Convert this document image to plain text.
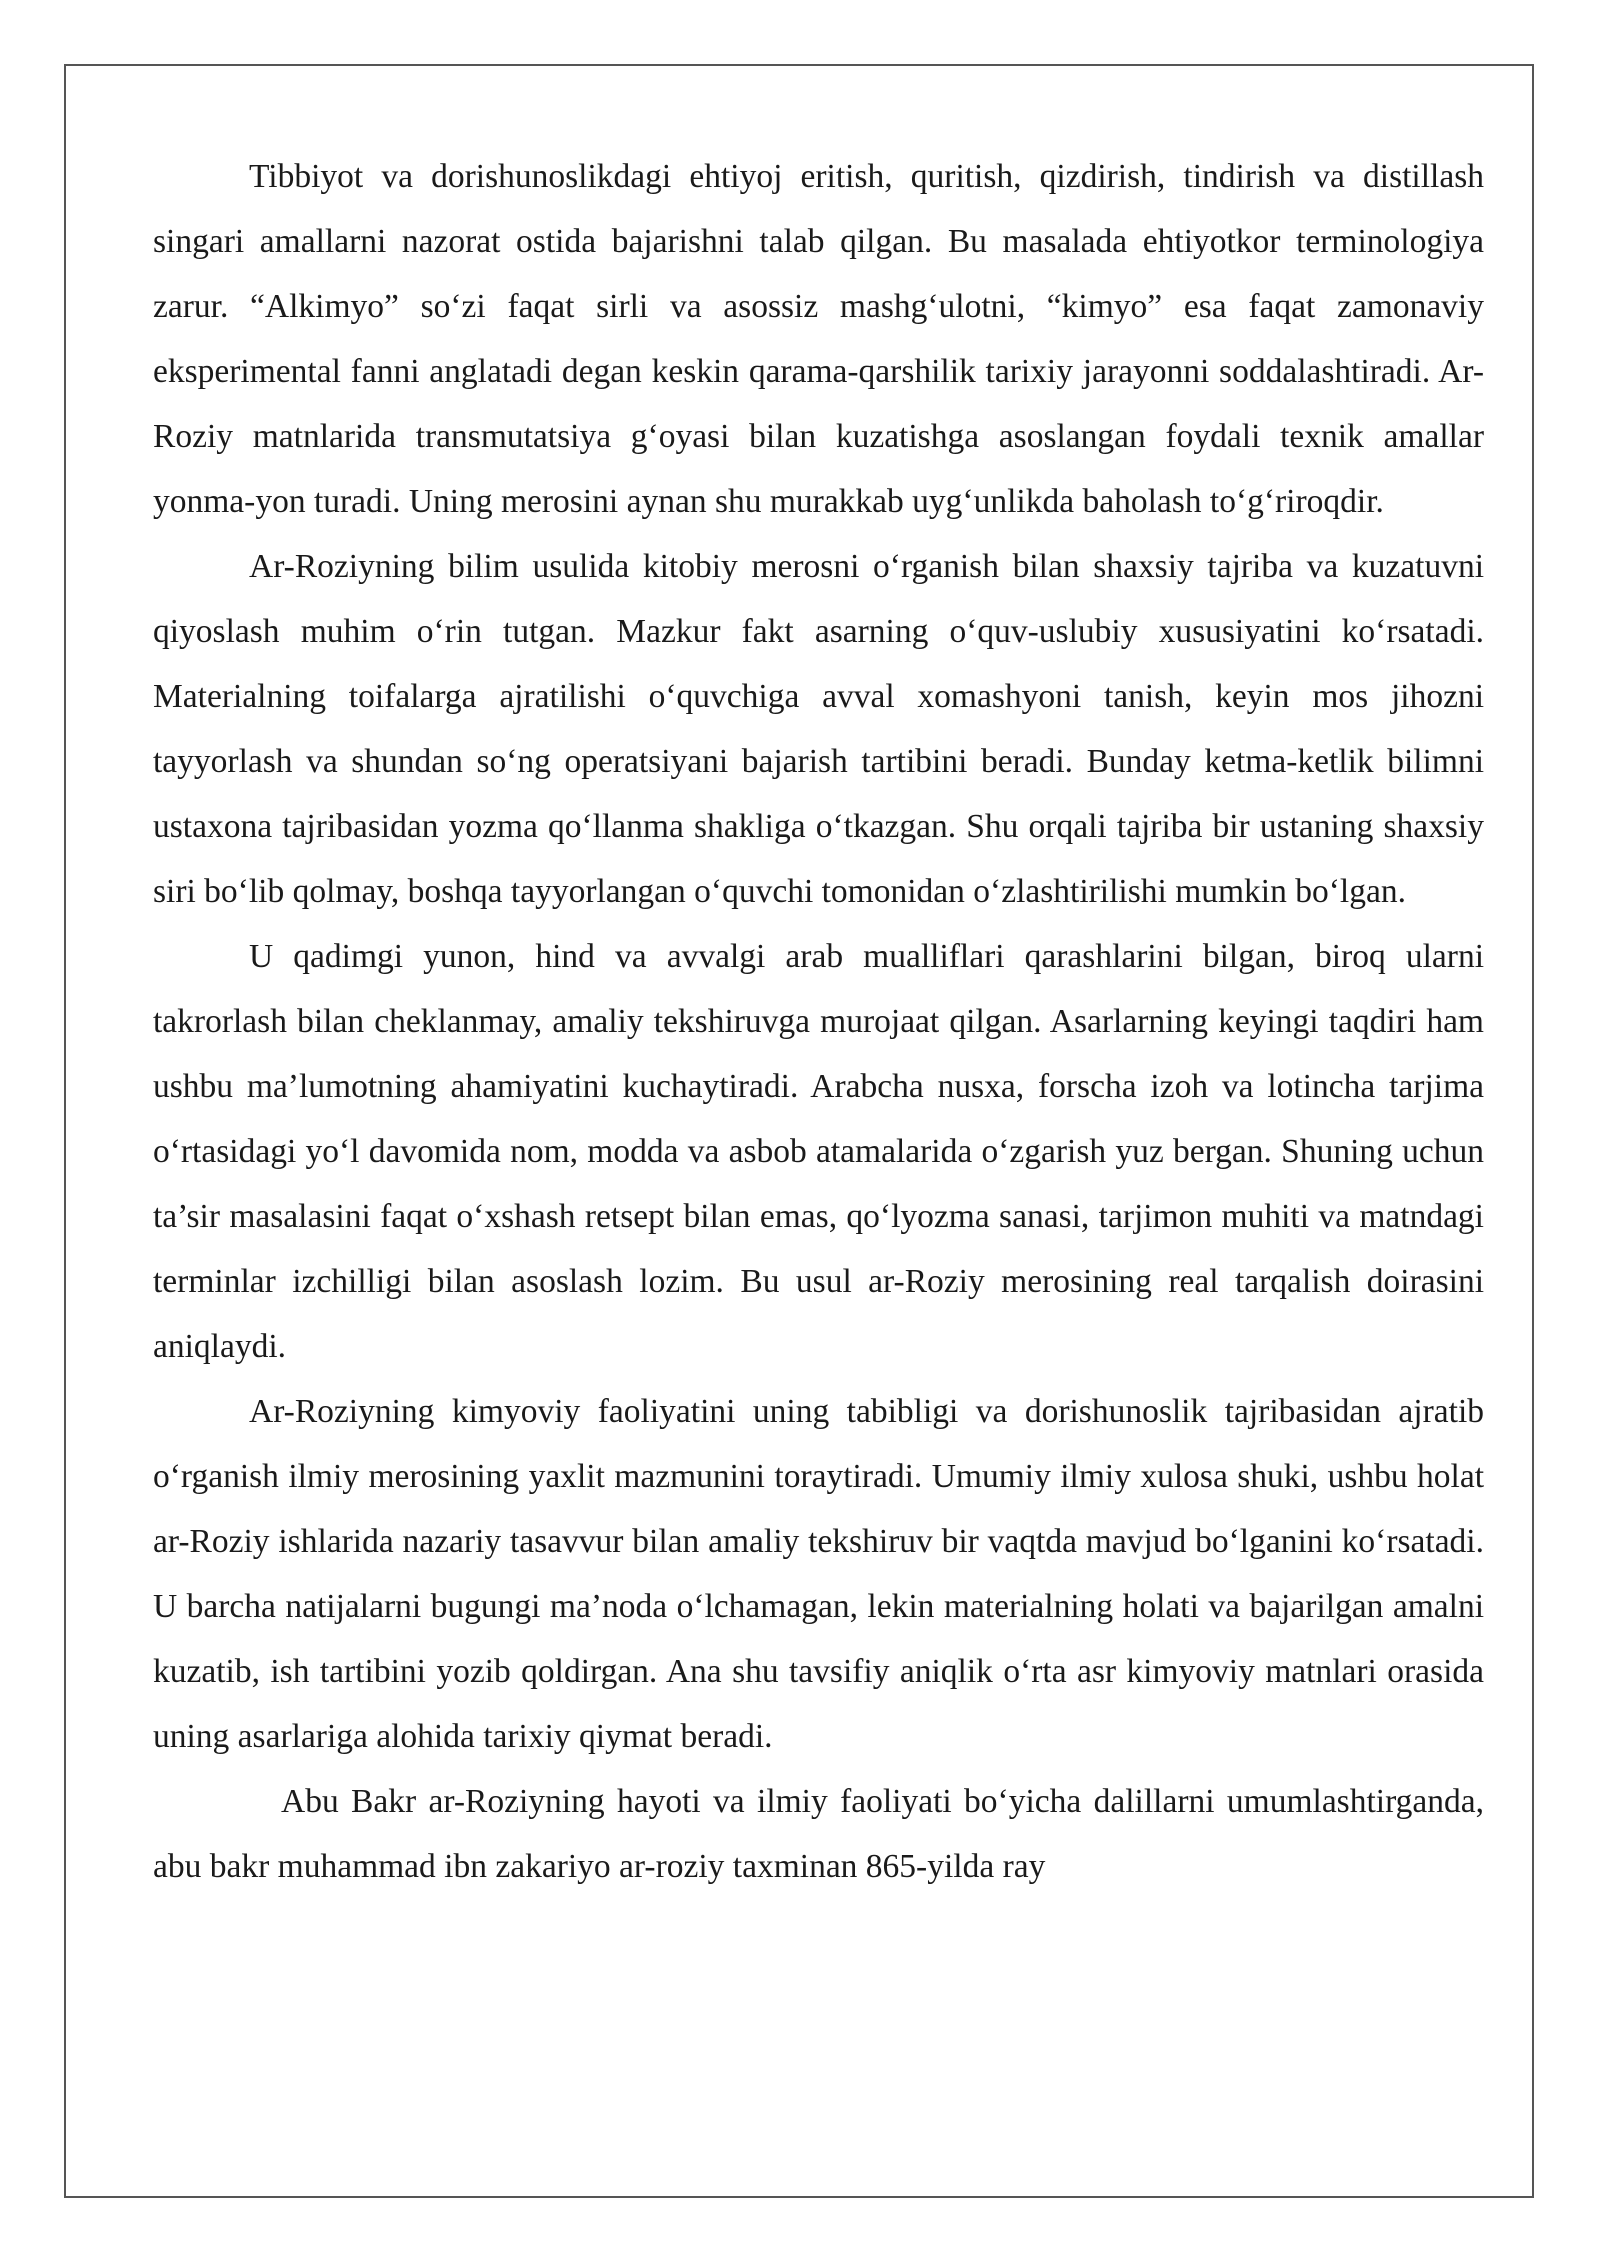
Tibbiyot va dorishunoslikdagi ehtiyoj eritish, quritish, qizdirish, tindirish va distillash singari amallarni nazorat ostida bajarishni talab qilgan. Bu masalada ehtiyotkor terminologiya zarur. “Alkimyo” so‘zi faqat sirli va asossiz mashg‘ulotni, “kimyo” esa faqat zamonaviy eksperimental fanni anglatadi degan keskin qarama-qarshilik tarixiy jarayonni soddalashtiradi. Ar-Roziy matnlarida transmutatsiya g‘oyasi bilan kuzatishga asoslangan foydali texnik amallar yonma-yon turadi. Uning merosini aynan shu murakkab uyg‘unlikda baholash to‘g‘riroqdir.

Ar-Roziyning bilim usulida kitobiy merosni o‘rganish bilan shaxsiy tajriba va kuzatuvni qiyoslash muhim o‘rin tutgan. Mazkur fakt asarning o‘quv-uslubiy xususiyatini ko‘rsatadi. Materialning toifalarga ajratilishi o‘quvchiga avval xomashyoni tanish, keyin mos jihozni tayyorlash va shundan so‘ng operatsiyani bajarish tartibini beradi. Bunday ketma-ketlik bilimni ustaxona tajribasidan yozma qo‘llanma shakliga o‘tkazgan. Shu orqali tajriba bir ustaning shaxsiy siri bo‘lib qolmay, boshqa tayyorlangan o‘quvchi tomonidan o‘zlashtirilishi mumkin bo‘lgan.

U qadimgi yunon, hind va avvalgi arab mualliflari qarashlarini bilgan, biroq ularni takrorlash bilan cheklanmay, amaliy tekshiruvga murojaat qilgan. Asarlarning keyingi taqdiri ham ushbu ma’lumotning ahamiyatini kuchaytiradi. Arabcha nusxa, forscha izoh va lotincha tarjima o‘rtasidagi yo‘l davomida nom, modda va asbob atamalarida o‘zgarish yuz bergan. Shuning uchun ta’sir masalasini faqat o‘xshash retsept bilan emas, qo‘lyozma sanasi, tarjimon muhiti va matndagi terminlar izchilligi bilan asoslash lozim. Bu usul ar-Roziy merosining real tarqalish doirasini aniqlaydi.

Ar-Roziyning kimyoviy faoliyatini uning tabibligi va dorishunoslik tajribasidan ajratib o‘rganish ilmiy merosining yaxlit mazmunini toraytiradi. Umumiy ilmiy xulosa shuki, ushbu holat ar-Roziy ishlarida nazariy tasavvur bilan amaliy tekshiruv bir vaqtda mavjud bo‘lganini ko‘rsatadi. U barcha natijalarni bugungi ma’noda o‘lchamagan, lekin materialning holati va bajarilgan amalni kuzatib, ish tartibini yozib qoldirgan. Ana shu tavsifiy aniqlik o‘rta asr kimyoviy matnlari orasida uning asarlariga alohida tarixiy qiymat beradi.

Abu Bakr ar-Roziyning hayoti va ilmiy faoliyati bo‘yicha dalillarni umumlashtirganda, abu bakr muhammad ibn zakariyo ar-roziy taxminan 865-yilda ray
